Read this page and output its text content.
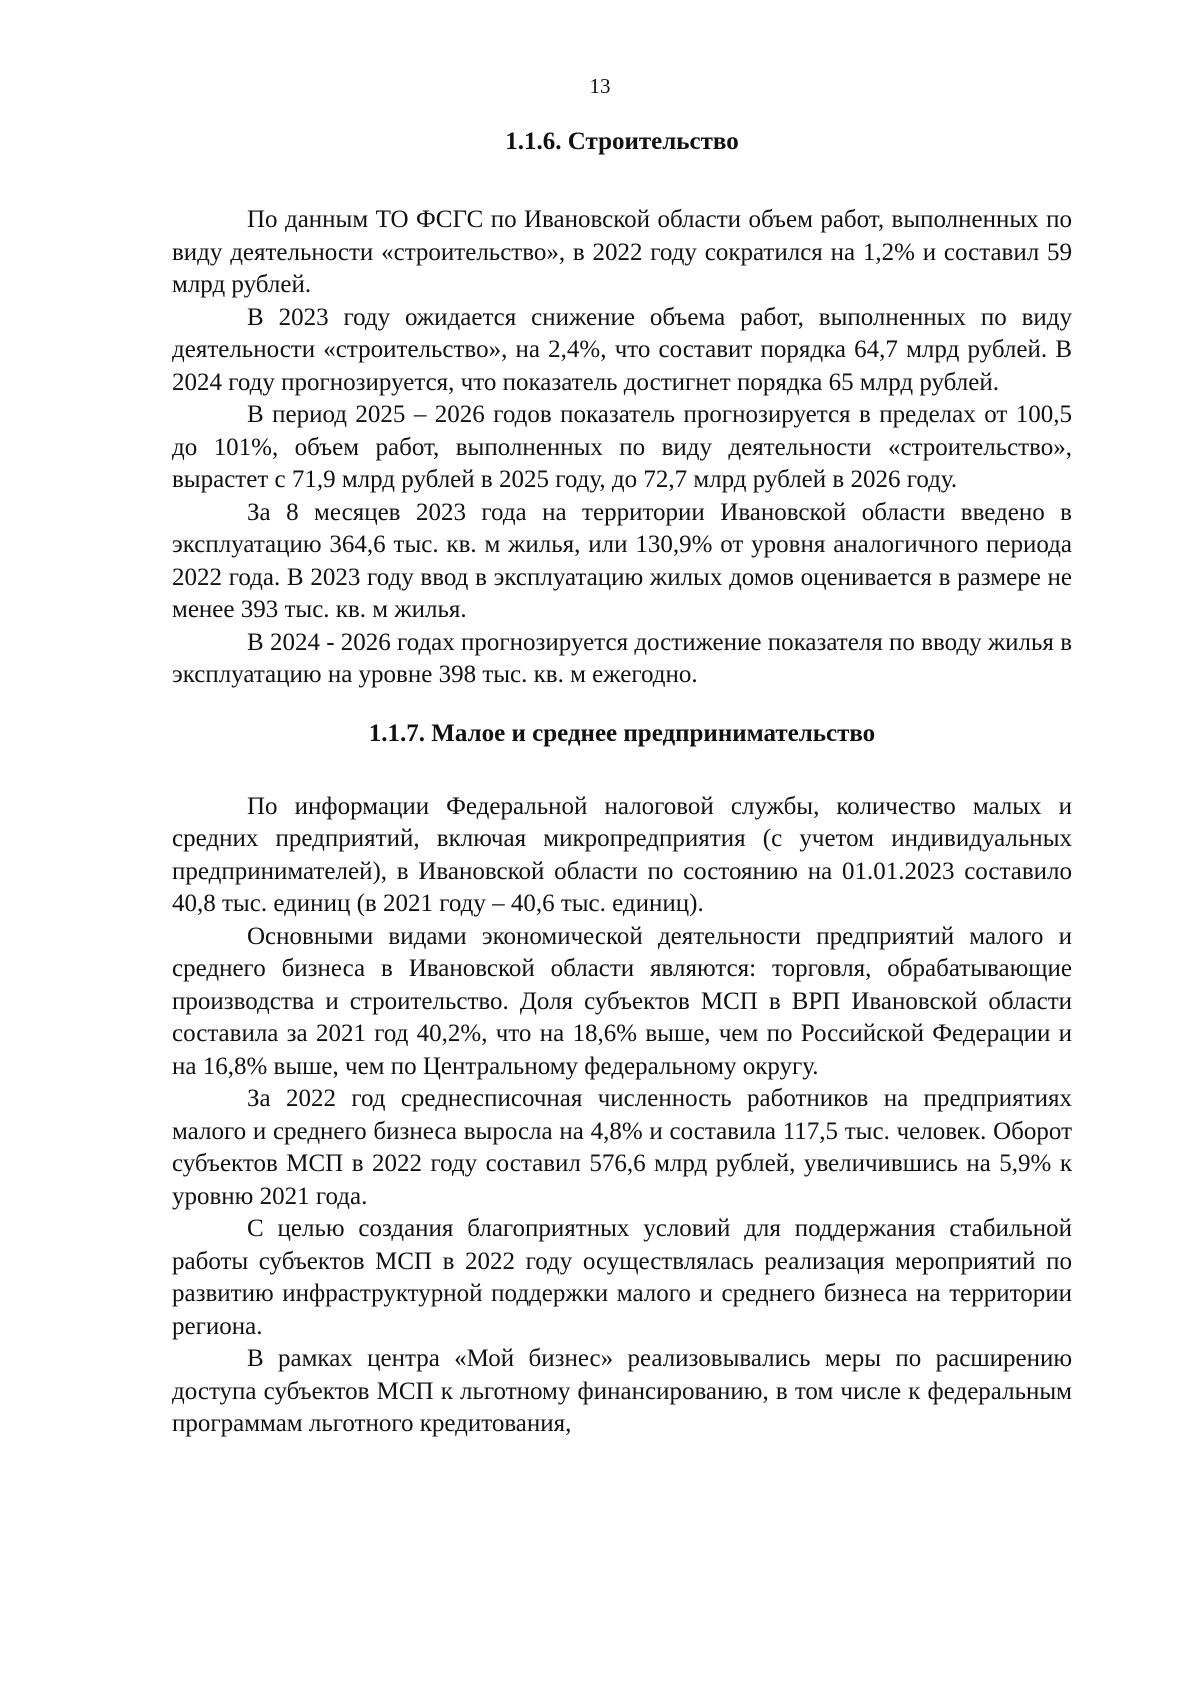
13
1.1.6. Строительство

По данным ТО ФСГС по Ивановской области объем работ, выполненных по виду деятельности «строительство», в 2022 году сократился на 1,2% и составил 59 млрд рублей.

В 2023 году ожидается снижение объема работ, выполненных по виду деятельности «строительство», на 2,4%, что составит порядка 64,7 млрд рублей. В 2024 году прогнозируется, что показатель достигнет порядка 65 млрд рублей.

В период 2025 – 2026 годов показатель прогнозируется в пределах от 100,5 до 101%, объем работ, выполненных по виду деятельности «строительство», вырастет с 71,9 млрд рублей в 2025 году, до 72,7 млрд рублей в 2026 году.

За 8 месяцев 2023 года на территории Ивановской области введено в эксплуатацию 364,6 тыс. кв. м жилья, или 130,9% от уровня аналогичного периода 2022 года. В 2023 году ввод в эксплуатацию жилых домов оценивается в размере не менее 393 тыс. кв. м жилья.

В 2024 - 2026 годах прогнозируется достижение показателя по вводу жилья в эксплуатацию на уровне 398 тыс. кв. м ежегодно.

1.1.7. Малое и среднее предпринимательство

По информации Федеральной налоговой службы, количество малых и средних предприятий, включая микропредприятия (с учетом индивидуальных предпринимателей), в Ивановской области по состоянию на 01.01.2023 составило 40,8 тыс. единиц (в 2021 году – 40,6 тыс. единиц).

Основными видами экономической деятельности предприятий малого и среднего бизнеса в Ивановской области являются: торговля, обрабатывающие производства и строительство. Доля субъектов МСП в ВРП Ивановской области составила за 2021 год 40,2%, что на 18,6% выше, чем по Российской Федерации и на 16,8% выше, чем по Центральному федеральному округу.

За 2022 год среднесписочная численность работников на предприятиях малого и среднего бизнеса выросла на 4,8% и составила 117,5 тыс. человек. Оборот субъектов МСП в 2022 году составил 576,6 млрд рублей, увеличившись на 5,9% к уровню 2021 года.

С целью создания благоприятных условий для поддержания стабильной работы субъектов МСП в 2022 году осуществлялась реализация мероприятий по развитию инфраструктурной поддержки малого и среднего бизнеса на территории региона.

В рамках центра «Мой бизнес» реализовывались меры по расширению доступа субъектов МСП к льготному финансированию, в том числе к федеральным программам льготного кредитования,
